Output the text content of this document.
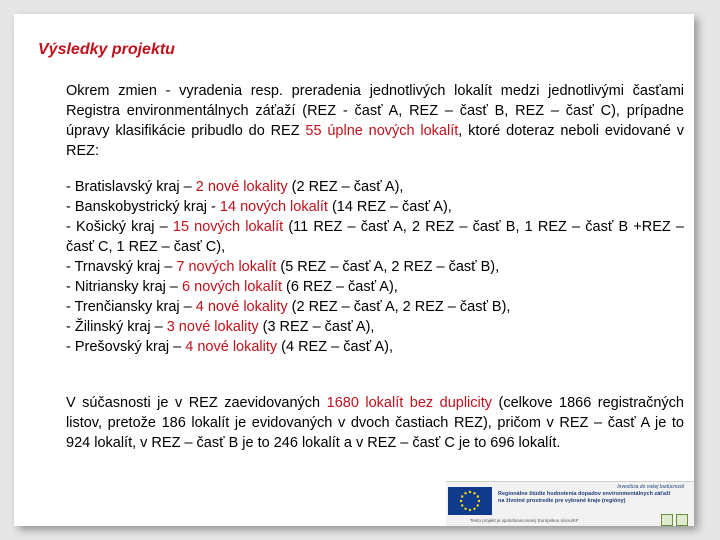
Výsledky projektu

Okrem zmien - vyradenia resp. preradenia jednotlivých lokalít medzi jednotlivými časťami Registra environmentálnych záťaží (REZ - časť A, REZ – časť B, REZ – časť C), prípadne úpravy klasifikácie pribudlo do REZ 55 úplne nových lokalít, ktoré doteraz neboli evidované v REZ:

- Bratislavský kraj – 2 nové lokality (2 REZ – časť A),
- Banskobystrický kraj - 14 nových lokalít (14 REZ – časť A),
- Košický kraj – 15 nových lokalít (11 REZ – časť A, 2 REZ – časť B, 1 REZ – časť B +REZ – časť C, 1 REZ – časť C),
- Trnavský kraj – 7 nových lokalít (5 REZ – časť A, 2 REZ – časť B),
- Nitriansky kraj – 6 nových lokalít (6 REZ – časť A),
- Trenčiansky kraj – 4 nové lokality (2 REZ – časť A, 2 REZ – časť B),
- Žilinský kraj – 3 nové lokality (3 REZ – časť A),
- Prešovský kraj – 4 nové lokality (4 REZ – časť A),

V súčasnosti je v REZ zaevidovaných 1680 lokalít bez duplicity (celkove 1866 registračných listov, pretože 186 lokalít je evidovaných v dvoch častiach REZ), pričom v REZ – časť A je to 924 lokalít, v REZ – časť B je to 246 lokalít a v REZ – časť C je to 696 lokalít.

Investícia do vašej budúcnosti
Regionálne štúdie hodnotenia dopadov environmentálnych záťaží na životné prostredie pre vybrané kraje (regióny)
Tento projekt je spolufinancovaný Európskou úniou/KF
